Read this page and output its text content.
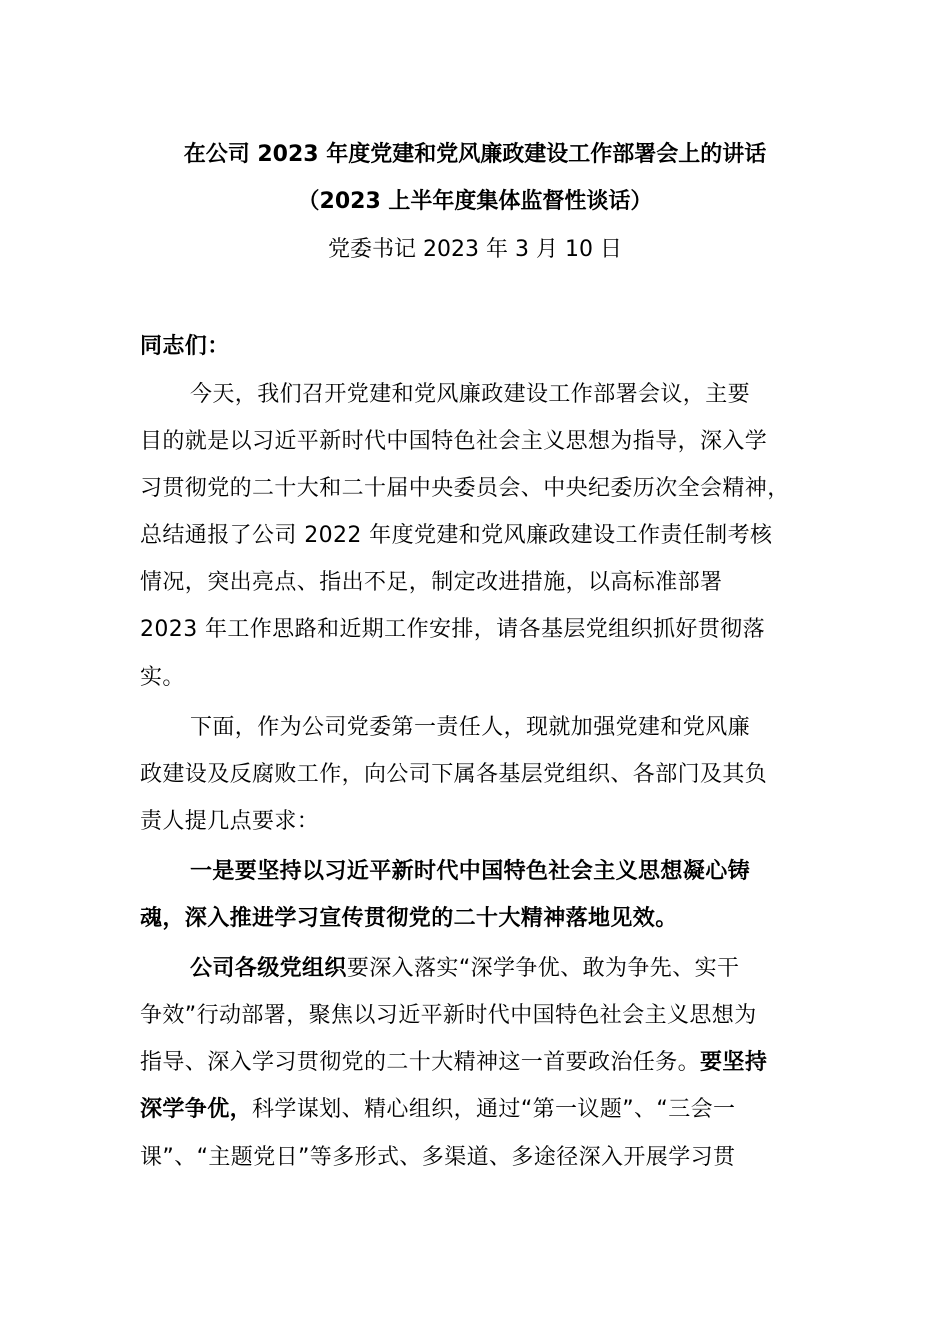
在公司 2023 年度党建和党风廉政建设工作部署会上的讲话
（2023 上半年度集体监督性谈话）
党委书记 2023 年 3 月 10 日
同志们：
今天，我们召开党建和党风廉政建设工作部署会议，主要
目的就是以习近平新时代中国特色社会主义思想为指导，深入学
习贯彻党的二十大和二十届中央委员会、中央纪委历次全会精神，
总结通报了公司 2022 年度党建和党风廉政建设工作责任制考核
情况，突出亮点、指出不足，制定改进措施，以高标准部署
2023 年工作思路和近期工作安排，请各基层党组织抓好贯彻落
实。
下面，作为公司党委第一责任人，现就加强党建和党风廉
政建设及反腐败工作，向公司下属各基层党组织、各部门及其负
责人提几点要求：
一是要坚持以习近平新时代中国特色社会主义思想凝心铸
魂，深入推进学习宣传贯彻党的二十大精神落地见效。
公司各级党组织要深入落实“深学争优、敢为争先、实干
争效”行动部署，聚焦以习近平新时代中国特色社会主义思想为
指导、深入学习贯彻党的二十大精神这一首要政治任务。要坚持
深学争优，科学谋划、精心组织，通过“第一议题”、“三会一
课”、“主题党日”等多形式、多渠道、多途径深入开展学习贯
